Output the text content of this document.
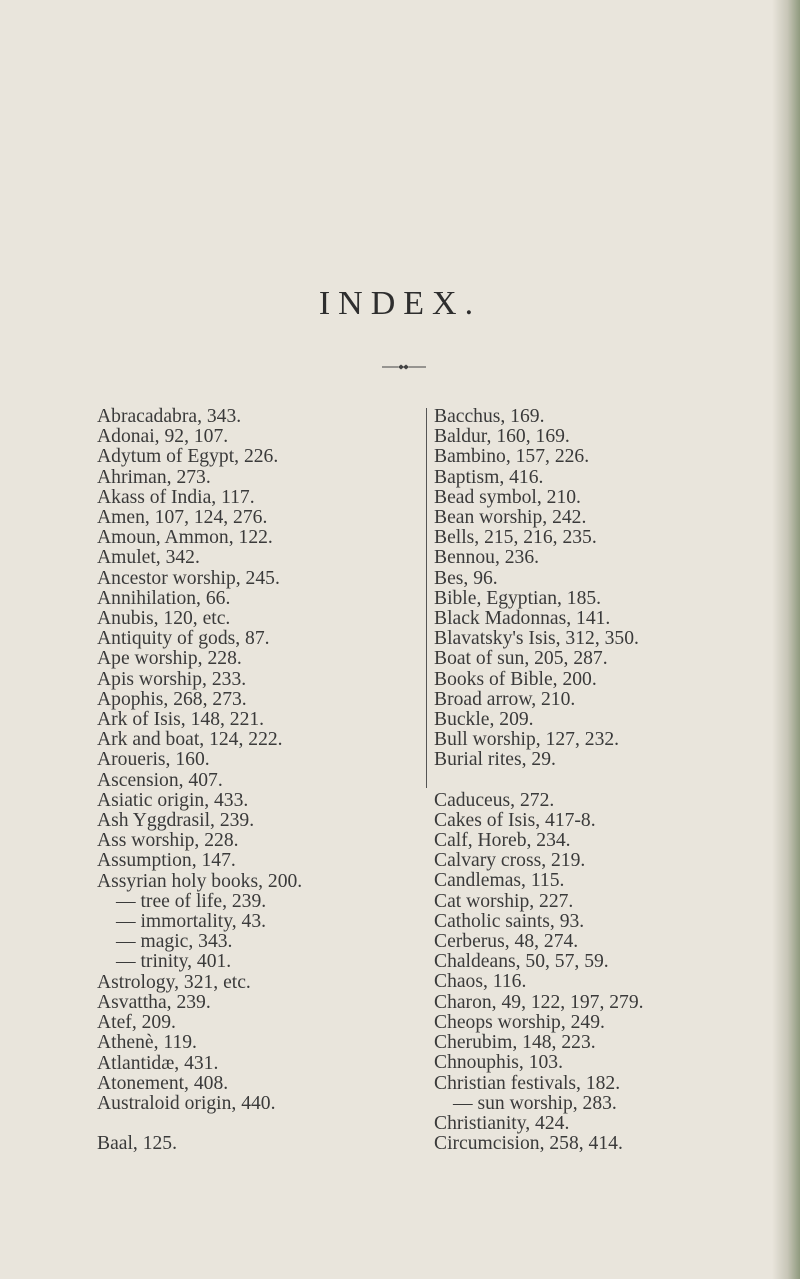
INDEX.
Abracadabra, 343.
Adonai, 92, 107.
Adytum of Egypt, 226.
Ahriman, 273.
Akass of India, 117.
Amen, 107, 124, 276.
Amoun, Ammon, 122.
Amulet, 342.
Ancestor worship, 245.
Annihilation, 66.
Anubis, 120, etc.
Antiquity of gods, 87.
Ape worship, 228.
Apis worship, 233.
Apophis, 268, 273.
Ark of Isis, 148, 221.
Ark and boat, 124, 222.
Aroueris, 160.
Ascension, 407.
Asiatic origin, 433.
Ash Yggdrasil, 239.
Ass worship, 228.
Assumption, 147.
Assyrian holy books, 200.
— tree of life, 239.
— immortality, 43.
— magic, 343.
— trinity, 401.
Astrology, 321, etc.
Asvattha, 239.
Atef, 209.
Athenè, 119.
Atlantidæ, 431.
Atonement, 408.
Australoid origin, 440.
Baal, 125.
Bacchus, 169.
Baldur, 160, 169.
Bambino, 157, 226.
Baptism, 416.
Bead symbol, 210.
Bean worship, 242.
Bells, 215, 216, 235.
Bennou, 236.
Bes, 96.
Bible, Egyptian, 185.
Black Madonnas, 141.
Blavatsky's Isis, 312, 350.
Boat of sun, 205, 287.
Books of Bible, 200.
Broad arrow, 210.
Buckle, 209.
Bull worship, 127, 232.
Burial rites, 29.
Caduceus, 272.
Cakes of Isis, 417-8.
Calf, Horeb, 234.
Calvary cross, 219.
Candlemas, 115.
Cat worship, 227.
Catholic saints, 93.
Cerberus, 48, 274.
Chaldeans, 50, 57, 59.
Chaos, 116.
Charon, 49, 122, 197, 279.
Cheops worship, 249.
Cherubim, 148, 223.
Chnouphis, 103.
Christian festivals, 182.
— sun worship, 283.
Christianity, 424.
Circumcision, 258, 414.
